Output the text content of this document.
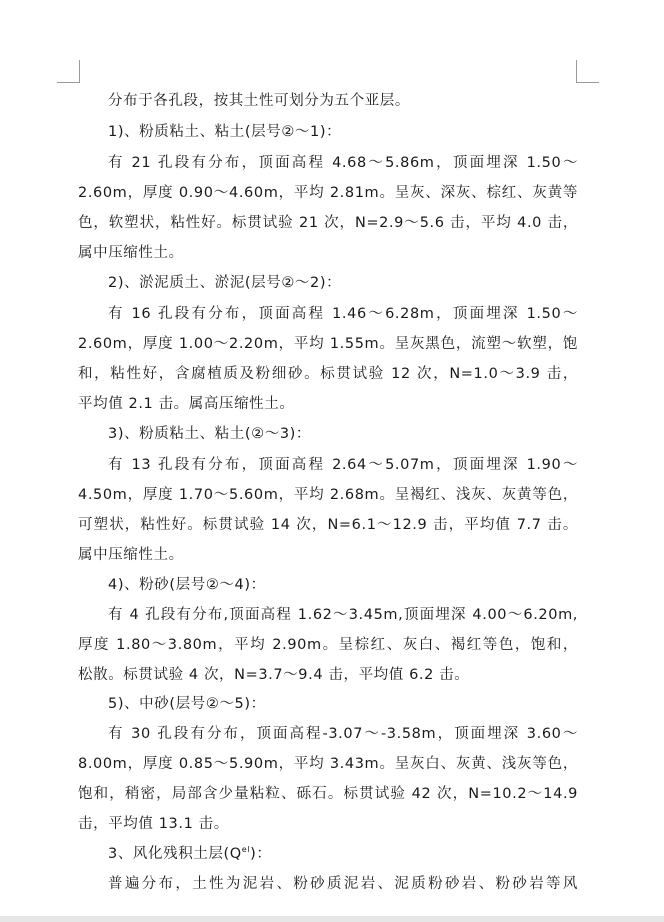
分布于各孔段，按其土性可划分为五个亚层。
1)、粉质粘土、粘土(层号②～1)：
有 21 孔段有分布，顶面高程 4.68～5.86m，顶面埋深 1.50～
2.60m，厚度 0.90～4.60m，平均 2.81m。呈灰、深灰、棕红、灰黄等
色，软塑状，粘性好。标贯试验 21 次，N=2.9～5.6 击，平均 4.0 击，
属中压缩性土。
2)、淤泥质土、淤泥(层号②～2)：
有 16 孔段有分布，顶面高程 1.46～6.28m，顶面埋深 1.50～
2.60m，厚度 1.00～2.20m，平均 1.55m。呈灰黑色，流塑～软塑，饱
和，粘性好，含腐植质及粉细砂。标贯试验 12 次，N=1.0～3.9 击，
平均值 2.1 击。属高压缩性土。
3)、粉质粘土、粘土(②～3)：
有 13 孔段有分布，顶面高程 2.64～5.07m，顶面埋深 1.90～
4.50m，厚度 1.70～5.60m，平均 2.68m。呈褐红、浅灰、灰黄等色，
可塑状，粘性好。标贯试验 14 次，N=6.1～12.9 击，平均值 7.7 击。
属中压缩性土。
4)、粉砂(层号②～4)：
有 4 孔段有分布,顶面高程 1.62～3.45m,顶面埋深 4.00～6.20m,
厚度 1.80～3.80m，平均 2.90m。呈棕红、灰白、褐红等色，饱和，
松散。标贯试验 4 次，N=3.7～9.4 击，平均值 6.2 击。
5)、中砂(层号②～5)：
有 30 孔段有分布，顶面高程-3.07～-3.58m，顶面埋深 3.60～
8.00m，厚度 0.85～5.90m，平均 3.43m。呈灰白、灰黄、浅灰等色，
饱和，稍密，局部含少量粘粒、砾石。标贯试验 42 次，N=10.2～14.9
击，平均值 13.1 击。
3、风化残积土层$(Q^{el})$：
普遍分布，土性为泥岩、粉砂质泥岩、泥质粉砂岩、粉砂岩等风
